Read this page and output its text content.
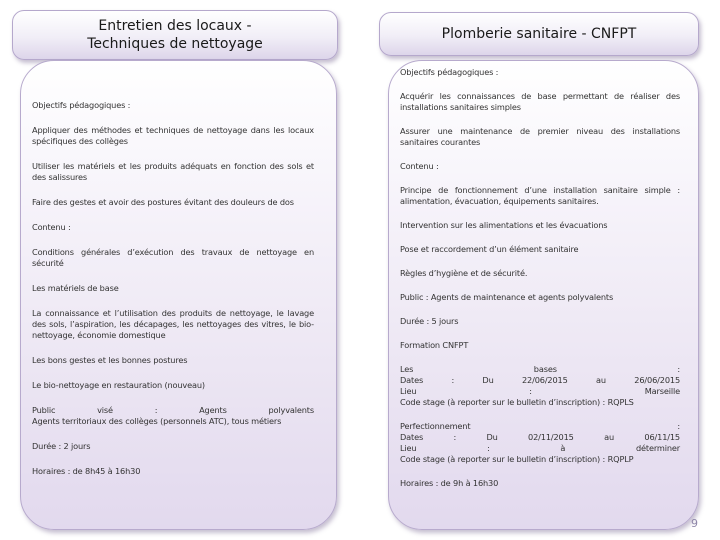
Entretien des locaux -
Techniques de nettoyage
Plomberie sanitaire - CNFPT
Objectifs pédagogiques :
Appliquer des méthodes et techniques de nettoyage dans les locaux
spécifiques des collèges
Utiliser les matériels et les produits adéquats en fonction des sols et
des salissures
Faire des gestes et avoir des postures évitant des douleurs de dos
Contenu :
Conditions générales d’exécution des travaux de nettoyage en
sécurité
Les matériels de base
La connaissance et l’utilisation des produits de nettoyage, le lavage
des sols, l’aspiration, les décapages, les nettoyages des vitres, le bio-
nettoyage, économie domestique
Les bons gestes et les bonnes postures
Le bio-nettoyage en restauration (nouveau)
Public visé : Agents polyvalents
Agents territoriaux des collèges (personnels ATC), tous métiers
Durée : 2 jours
Horaires : de 8h45 à 16h30
Objectifs pédagogiques :
Acquérir les connaissances de base permettant de réaliser des
installations sanitaires simples
Assurer une maintenance de premier niveau des installations
sanitaires courantes
Contenu :
Principe de fonctionnement d’une installation sanitaire simple :
alimentation, évacuation, équipements sanitaires.
Intervention sur les alimentations et les évacuations
Pose et raccordement d’un élément sanitaire
Règles d’hygiène et de sécurité.
Public : Agents de maintenance et agents polyvalents
Durée : 5 jours
Formation CNFPT
Les bases :
Dates : Du 22/06/2015 au 26/06/2015
Lieu : Marseille
Code stage (à reporter sur le bulletin d’inscription) : RQPLS
Perfectionnement :
Dates : Du 02/11/2015 au 06/11/15
Lieu : à déterminer
Code stage (à reporter sur le bulletin d’inscription) : RQPLP
Horaires : de 9h à 16h30
9
